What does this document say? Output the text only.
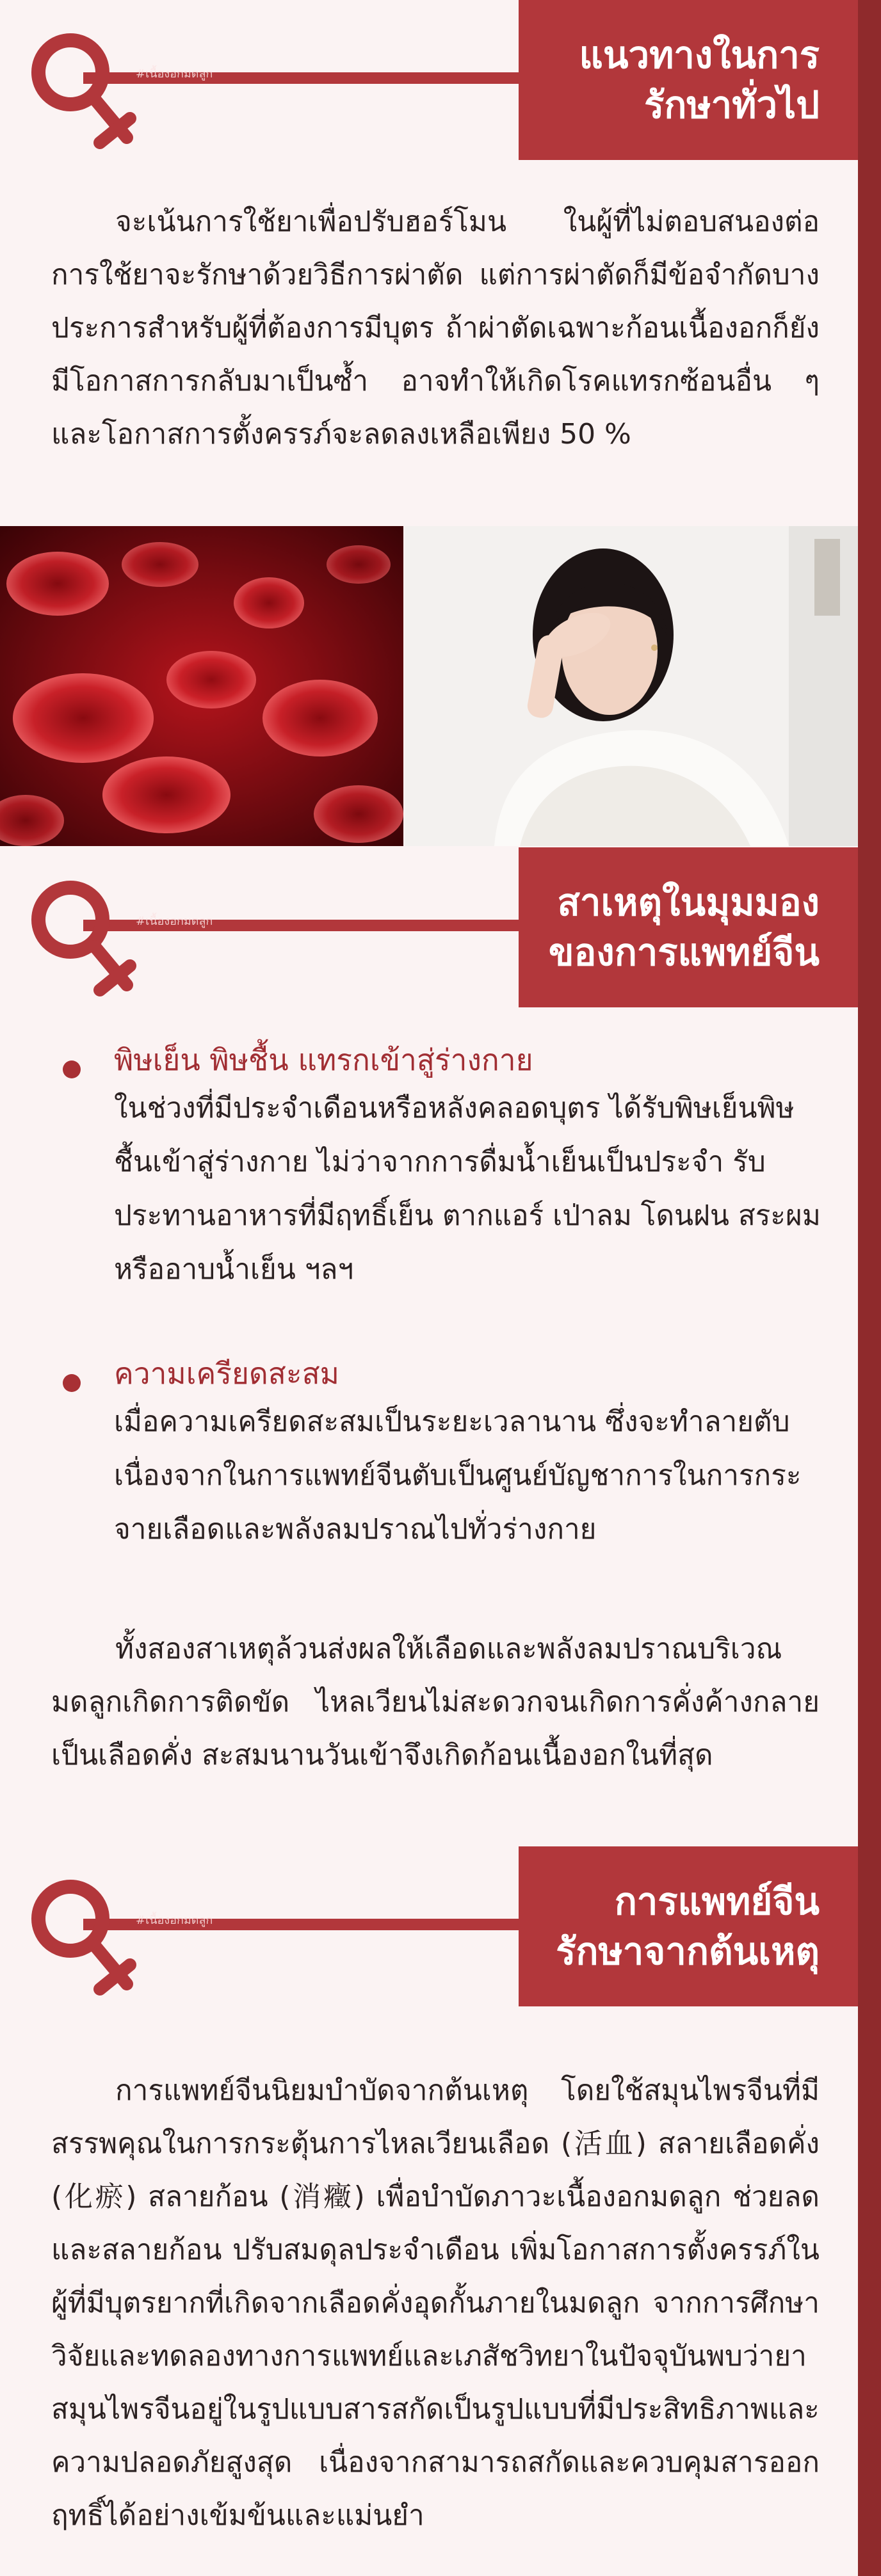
#เนื้องอกมดลูก	แนวทางในการ
รักษาทั่วไป
จะเน้นการใช้ยาเพื่อปรับฮอร์โมน ในผู้ที่ไม่ตอบสนองต่อการใช้ยาจะรักษาด้วยวิธีการผ่าตัด แต่การผ่าตัดก็มีข้อจำกัดบางประการสำหรับผู้ที่ต้องการมีบุตร ถ้าผ่าตัดเฉพาะก้อนเนื้องอกก็ยังมีโอกาสการกลับมาเป็นซ้ำ อาจทำให้เกิดโรคแทรกซ้อนอื่น ๆ และโอกาสการตั้งครรภ์จะลดลงเหลือเพียง 50 %
#เนื้องอกมดลูก	สาเหตุในมุมมอง
ของการแพทย์จีน
พิษเย็น พิษชื้น แทรกเข้าสู่ร่างกาย
ในช่วงที่มีประจำเดือนหรือหลังคลอดบุตร ได้รับพิษเย็นพิษชื้นเข้าสู่ร่างกาย ไม่ว่าจากการดื่มน้ำเย็นเป็นประจำ รับประทานอาหารที่มีฤทธิ์เย็น ตากแอร์ เป่าลม โดนฝน สระผมหรืออาบน้ำเย็น ฯลฯ
ความเครียดสะสม
เมื่อความเครียดสะสมเป็นระยะเวลานาน ซึ่งจะทำลายตับ เนื่องจากในการแพทย์จีนตับเป็นศูนย์บัญชาการในการกระจายเลือดและพลังลมปราณไปทั่วร่างกาย
ทั้งสองสาเหตุล้วนส่งผลให้เลือดและพลังลมปราณบริเวณมดลูกเกิดการติดขัด ไหลเวียนไม่สะดวกจนเกิดการคั่งค้างกลายเป็นเลือดคั่ง สะสมนานวันเข้าจึงเกิดก้อนเนื้องอกในที่สุด
#เนื้องอกมดลูก	การแพทย์จีน
รักษาจากต้นเหตุ
การแพทย์จีนนิยมบำบัดจากต้นเหตุ โดยใช้สมุนไพรจีนที่มีสรรพคุณในการกระตุ้นการไหลเวียนเลือด (活血) สลายเลือดคั่ง (化瘀) สลายก้อน (消癥) เพื่อบำบัดภาวะเนื้องอกมดลูก ช่วยลดและสลายก้อน ปรับสมดุลประจำเดือน เพิ่มโอกาสการตั้งครรภ์ในผู้ที่มีบุตรยากที่เกิดจากเลือดคั่งอุดกั้นภายในมดลูก จากการศึกษาวิจัยและทดลองทางการแพทย์และเภสัชวิทยาในปัจจุบันพบว่ายาสมุนไพรจีนอยู่ในรูปแบบสารสกัดเป็นรูปแบบที่มีประสิทธิภาพและความปลอดภัยสูงสุด เนื่องจากสามารถสกัดและควบคุมสารออกฤทธิ์ได้อย่างเข้มข้นและแม่นยำ
